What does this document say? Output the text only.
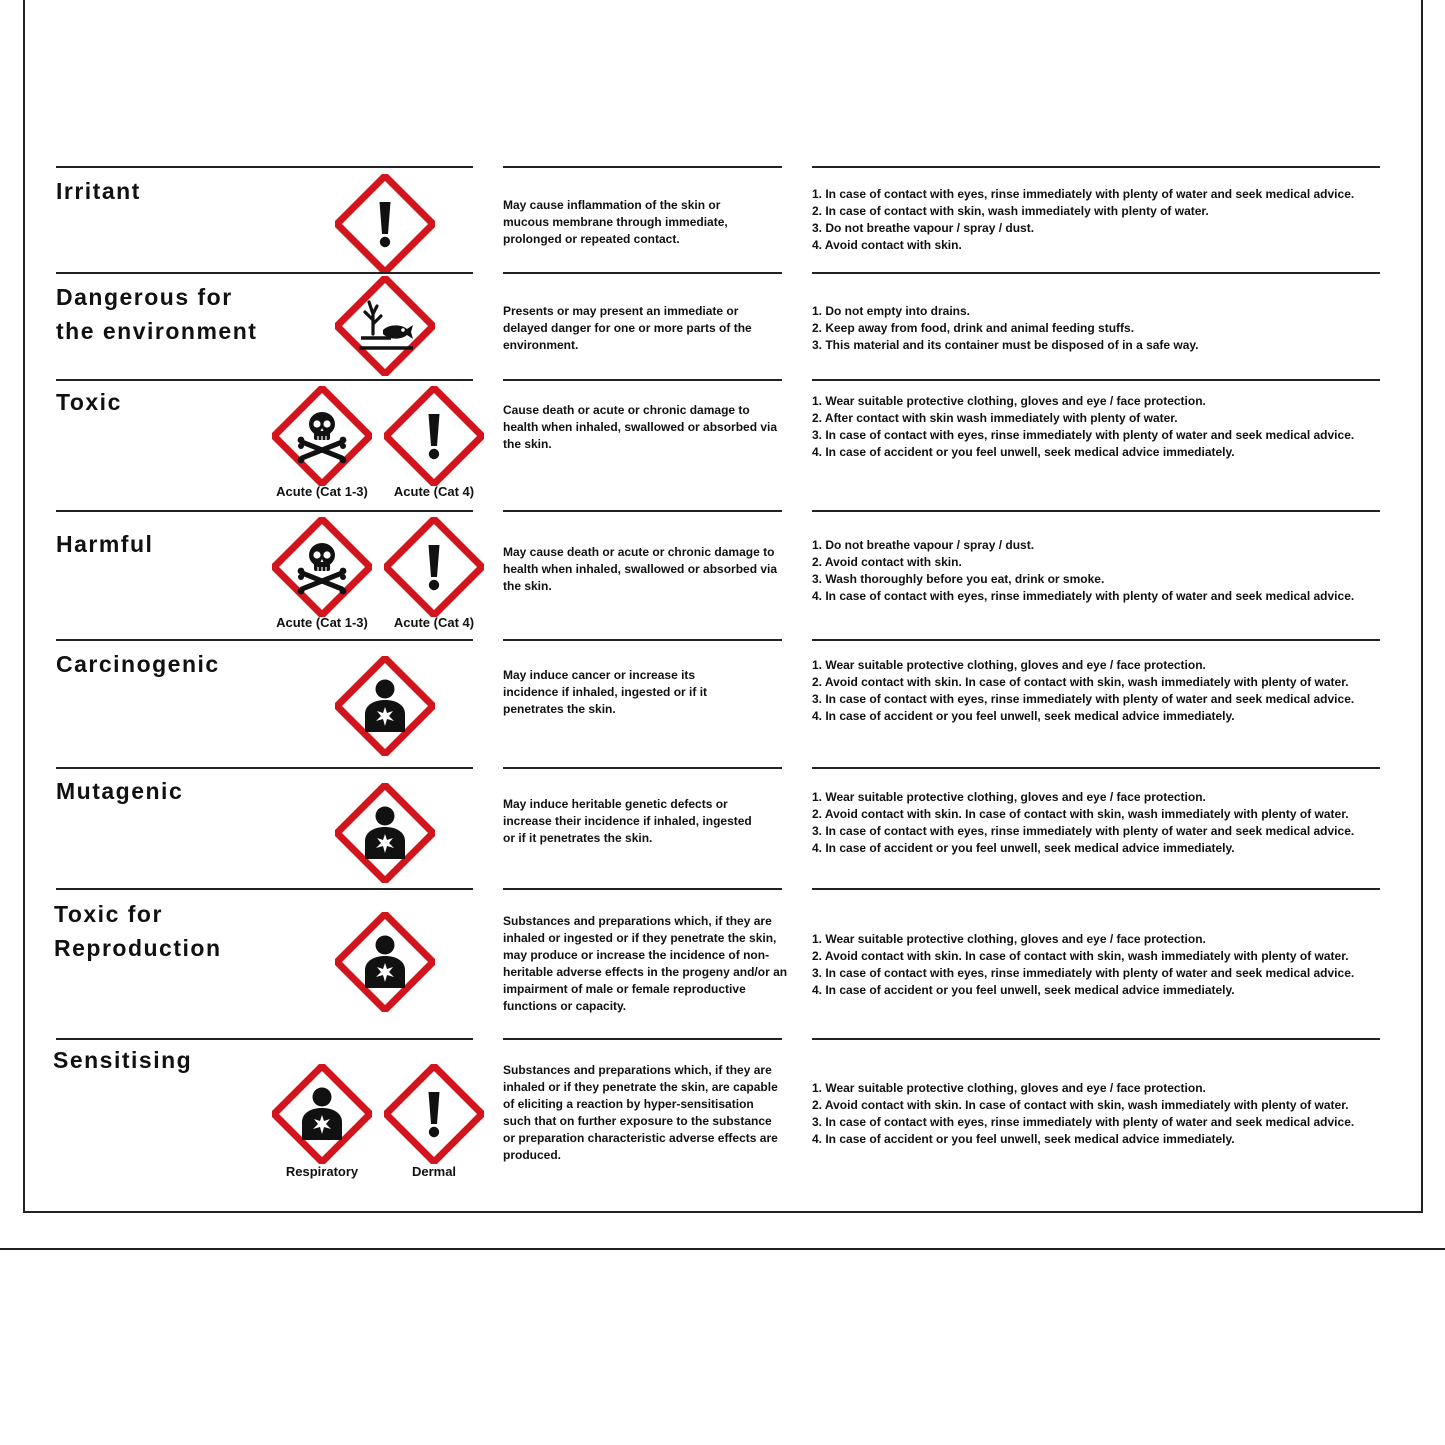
Irritant

May cause inflammation of the skin or mucous membrane through immediate, prolonged or repeated contact.

1. In case of contact with eyes, rinse immediately with plenty of water and seek medical advice.
2. In case of contact with skin, wash immediately with plenty of water.
3. Do not breathe vapour / spray / dust.
4. Avoid contact with skin.
Dangerous for
the environment

Presents or may present an immediate or delayed danger for one or more parts of the environment.

1. Do not empty into drains.
2. Keep away from food, drink and animal feeding stuffs.
3. This material and its container must be disposed of in a safe way.
Toxic
Acute (Cat 1-3)	Acute (Cat 4)

Cause death or acute or chronic damage to health when inhaled, swallowed or absorbed via the skin.

1. Wear suitable protective clothing, gloves and eye / face protection.
2. After contact with skin wash immediately with plenty of water.
3. In case of contact with eyes, rinse immediately with plenty of water and seek medical advice.
4. In case of accident or you feel unwell, seek medical advice immediately.
Harmful
Acute (Cat 1-3)	Acute (Cat 4)

May cause death or acute or chronic damage to health when inhaled, swallowed or absorbed via the skin.

1. Do not breathe vapour / spray / dust.
2. Avoid contact with skin.
3. Wash thoroughly before you eat, drink or smoke.
4. In case of contact with eyes, rinse immediately with plenty of water and seek medical advice.
Carcinogenic	May induce cancer or increase its incidence if inhaled, ingested or if it penetrates the skin.

1. Wear suitable protective clothing, gloves and eye / face protection.
2. Avoid contact with skin. In case of contact with skin, wash immediately with plenty of water.
3. In case of contact with eyes, rinse immediately with plenty of water and seek medical advice.
4. In case of accident or you feel unwell, seek medical advice immediately.
Mutagenic	May induce heritable genetic defects or increase their incidence if inhaled, ingested or if it penetrates the skin.

1. Wear suitable protective clothing, gloves and eye / face protection.
2. Avoid contact with skin. In case of contact with skin, wash immediately with plenty of water.
3. In case of contact with eyes, rinse immediately with plenty of water and seek medical advice.
4. In case of accident or you feel unwell, seek medical advice immediately.
Toxic for
Reproduction

Substances and preparations which, if they are inhaled or ingested or if they penetrate the skin, may produce or increase the incidence of non-heritable adverse effects in the progeny and/or an impairment of male or female reproductive functions or capacity.

1. Wear suitable protective clothing, gloves and eye / face protection.
2. Avoid contact with skin. In case of contact with skin, wash immediately with plenty of water.
3. In case of contact with eyes, rinse immediately with plenty of water and seek medical advice.
4. In case of accident or you feel unwell, seek medical advice immediately.
Sensitising
Respiratory	Dermal

Substances and preparations which, if they are inhaled or if they penetrate the skin, are capable of eliciting a reaction by hyper-sensitisation such that on further exposure to the substance or preparation characteristic adverse effects are produced.

1. Wear suitable protective clothing, gloves and eye / face protection.
2. Avoid contact with skin. In case of contact with skin, wash immediately with plenty of water.
3. In case of contact with eyes, rinse immediately with plenty of water and seek medical advice.
4. In case of accident or you feel unwell, seek medical advice immediately.
